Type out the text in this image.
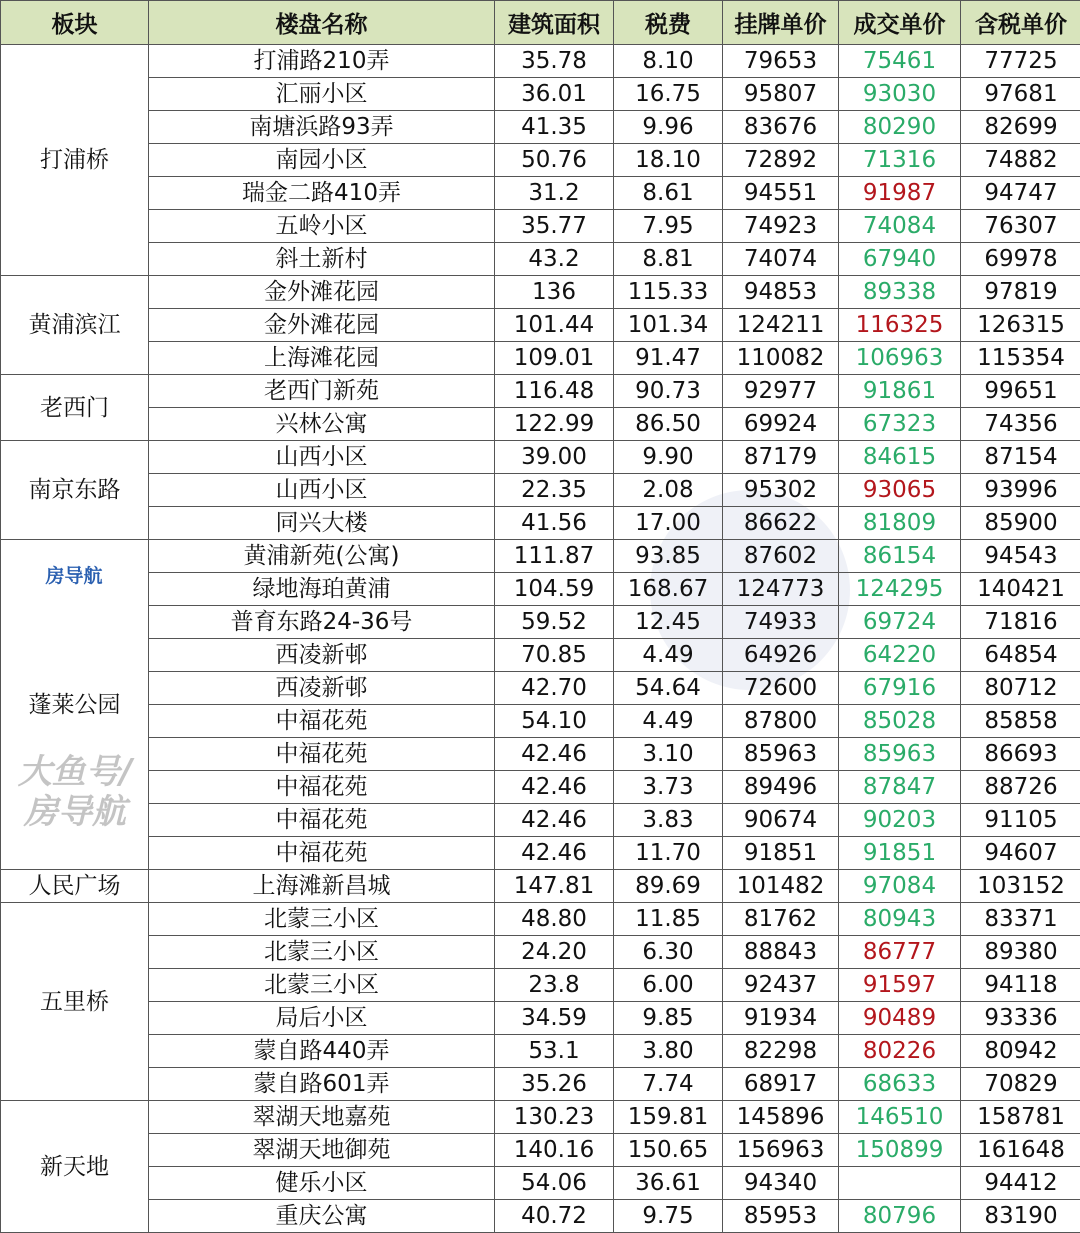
板块	楼盘名称	建筑面积	税费	挂牌单价	成交单价	含税单价
打浦桥	打浦路210弄	35.78	8.10	79653	75461	77725
	汇丽小区	36.01	16.75	95807	93030	97681
	南塘浜路93弄	41.35	9.96	83676	80290	82699
	南园小区	50.76	18.10	72892	71316	74882
	瑞金二路410弄	31.2	8.61	94551	91987	94747
	五岭小区	35.77	7.95	74923	74084	76307
	斜土新村	43.2	8.81	74074	67940	69978
黄浦滨江	金外滩花园	136	115.33	94853	89338	97819
	金外滩花园	101.44	101.34	124211	116325	126315
	上海滩花园	109.01	91.47	110082	106963	115354
老西门	老西门新苑	116.48	90.73	92977	91861	99651
	兴林公寓	122.99	86.50	69924	67323	74356
南京东路	山西小区	39.00	9.90	87179	84615	87154
	山西小区	22.35	2.08	95302	93065	93996
	同兴大楼	41.56	17.00	86622	81809	85900
蓬莱公园	黄浦新苑(公寓)	111.87	93.85	87602	86154	94543
	绿地海珀黄浦	104.59	168.67	124773	124295	140421
	普育东路24-36号	59.52	12.45	74933	69724	71816
	西凌新邨	70.85	4.49	64926	64220	64854
	西凌新邨	42.70	54.64	72600	67916	80712
	中福花苑	54.10	4.49	87800	85028	85858
	中福花苑	42.46	3.10	85963	85963	86693
	中福花苑	42.46	3.73	89496	87847	88726
	中福花苑	42.46	3.83	90674	90203	91105
	中福花苑	42.46	11.70	91851	91851	94607
人民广场	上海滩新昌城	147.81	89.69	101482	97084	103152
五里桥	北蒙三小区	48.80	11.85	81762	80943	83371
	北蒙三小区	24.20	6.30	88843	86777	89380
	北蒙三小区	23.8	6.00	92437	91597	94118
	局后小区	34.59	9.85	91934	90489	93336
	蒙自路440弄	53.1	3.80	82298	80226	80942
	蒙自路601弄	35.26	7.74	68917	68633	70829
新天地	翠湖天地嘉苑	130.23	159.81	145896	146510	158781
	翠湖天地御苑	140.16	150.65	156963	150899	161648
	健乐小区	54.06	36.61	94340		94412
	重庆公寓	40.72	9.75	85953	80796	83190
房导航
大鱼号/房导航
